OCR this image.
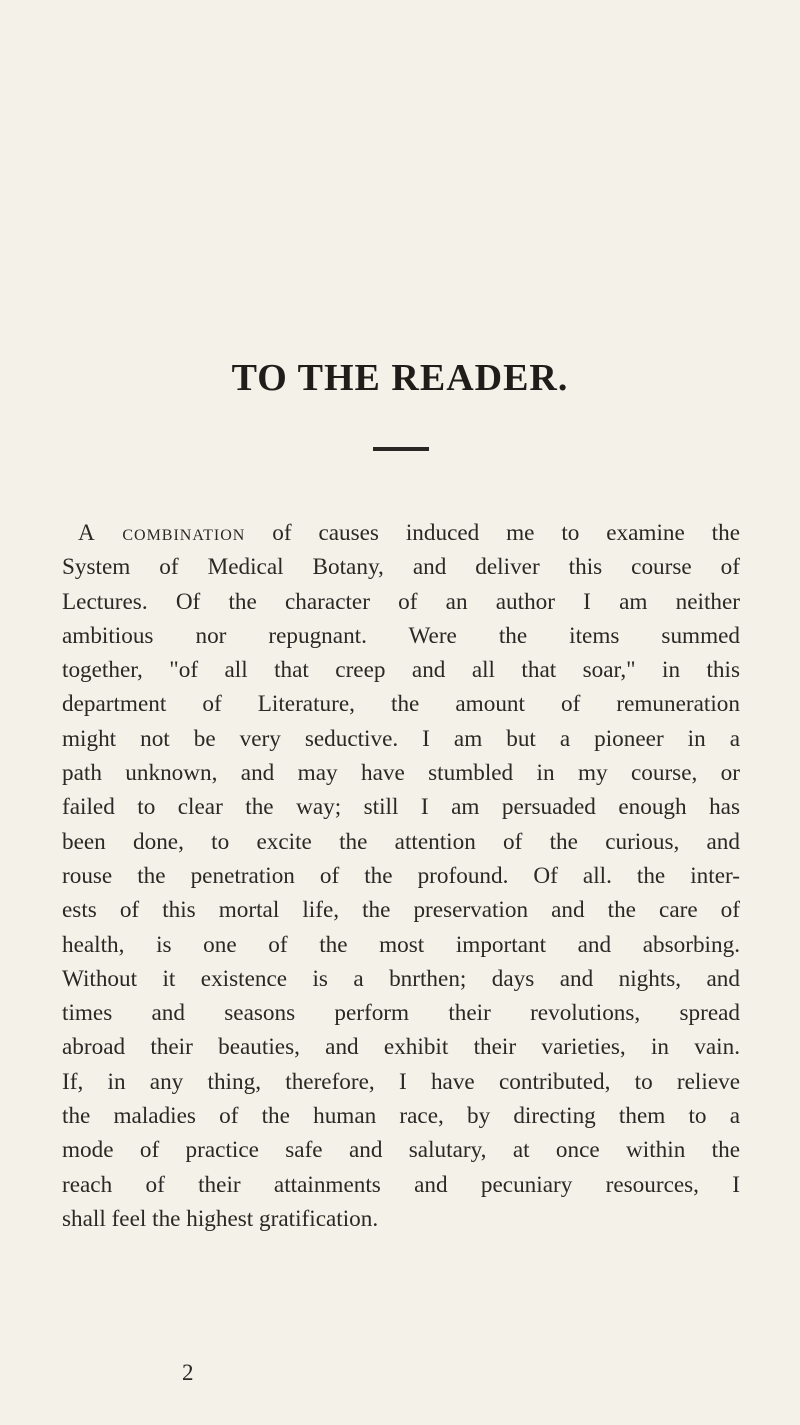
TO THE READER.
A combination of causes induced me to examine the
System of Medical Botany, and deliver this course of
Lectures. Of the character of an author I am neither
ambitious nor repugnant. Were the items summed
together, "of all that creep and all that soar," in this
department of Literature, the amount of remuneration
might not be very seductive. I am but a pioneer in a
path unknown, and may have stumbled in my course, or
failed to clear the way; still I am persuaded enough has
been done, to excite the attention of the curious, and
rouse the penetration of the profound. Of all. the inter-
ests of this mortal life, the preservation and the care of
health, is one of the most important and absorbing.
Without it existence is a bnrthen; days and nights, and
times and seasons perform their revolutions, spread
abroad their beauties, and exhibit their varieties, in vain.
If, in any thing, therefore, I have contributed, to relieve
the maladies of the human race, by directing them to a
mode of practice safe and salutary, at once within the
reach of their attainments and pecuniary resources, I
shall feel the highest gratification.
2
